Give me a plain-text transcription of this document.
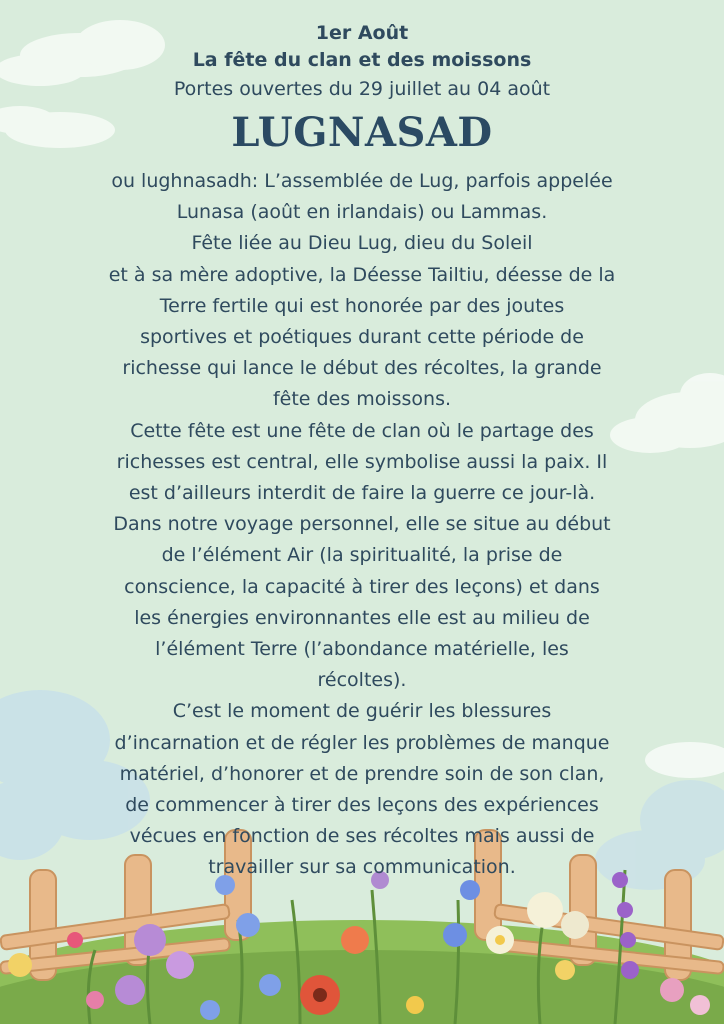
1er Août

La fête du clan et des moissons

Portes ouvertes du 29 juillet au 04 août

LUGNASAD

ou lughnasadh: L’assemblée de Lug, parfois appelée

Lunasa (août en irlandais) ou Lammas.

Fête liée au Dieu Lug, dieu du Soleil

et à sa mère adoptive, la Déesse Tailtiu, déesse de la

Terre fertile qui est honorée par des joutes

sportives et poétiques durant cette période de

richesse qui lance le début des récoltes, la grande

fête des moissons.

Cette fête est une fête de clan où le partage des

richesses est central, elle symbolise aussi la paix. Il

est d’ailleurs interdit de faire la guerre ce jour-là.

Dans notre voyage personnel, elle se situe au début

de l’élément Air (la spiritualité, la prise de

conscience, la capacité à tirer des leçons) et dans

les énergies environnantes elle est au milieu de

l’élément Terre (l’abondance matérielle, les

récoltes).

C’est le moment de guérir les blessures

d’incarnation et de régler les problèmes de manque

matériel, d’honorer et de prendre soin de son clan,

de commencer à tirer des leçons des expériences

vécues en fonction de ses récoltes mais aussi de

travailler sur sa communication.
